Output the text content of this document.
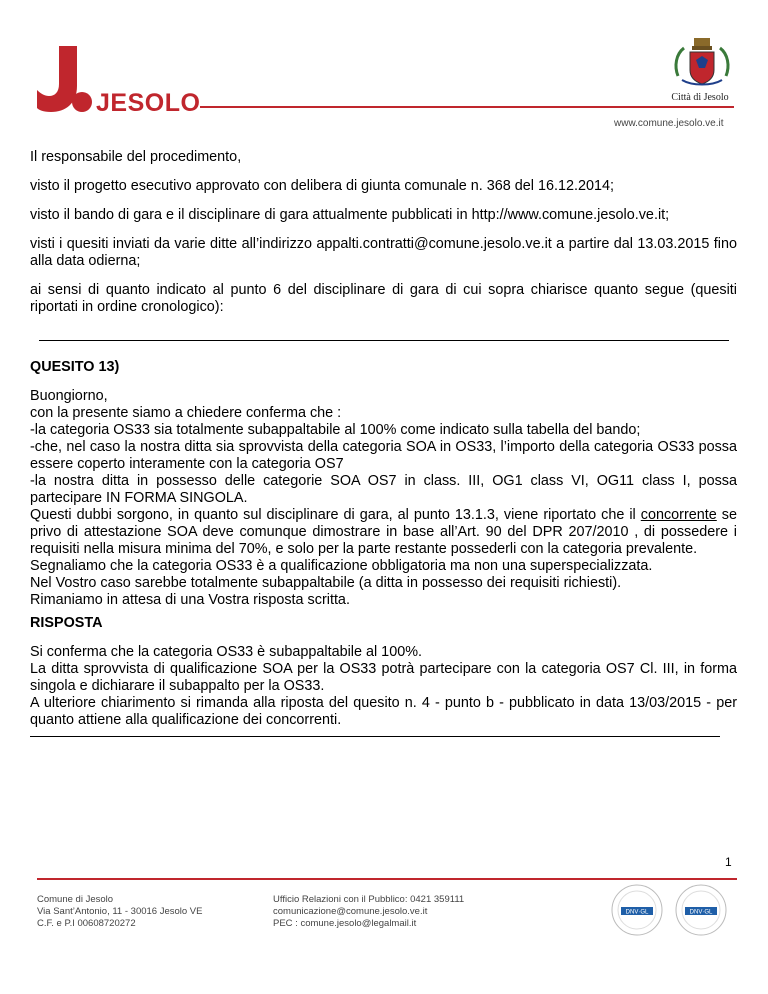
JESOLO	Città di Jesolo
www.comune.jesolo.ve.it

Il responsabile del procedimento,

visto il progetto esecutivo approvato con delibera di giunta comunale n. 368 del 16.12.2014;

visto il bando di gara e il disciplinare di gara attualmente pubblicati in http://www.comune.jesolo.ve.it;

visti i quesiti inviati da varie ditte all’indirizzo appalti.contratti@comune.jesolo.ve.it a partire dal 13.03.2015 fino alla data odierna;

ai sensi di quanto indicato al punto 6 del disciplinare di gara di cui sopra chiarisce quanto segue (quesiti riportati in ordine cronologico):

QUESITO 13)

Buongiorno,

con la presente siamo a chiedere conferma che :

-la categoria OS33 sia totalmente subappaltabile al 100% come indicato sulla tabella del bando;

-che, nel caso la nostra ditta sia sprovvista della categoria SOA in OS33, l’importo della categoria OS33 possa essere coperto interamente con la categoria OS7

-la nostra ditta in possesso delle categorie SOA OS7 in class. III, OG1 class VI, OG11 class I, possa partecipare IN FORMA SINGOLA.

Questi dubbi sorgono, in quanto sul disciplinare di gara, al punto 13.1.3, viene riportato che il concorrente se privo di attestazione SOA deve comunque dimostrare in base all’Art. 90 del DPR 207/2010 , di possedere i requisiti nella misura minima del 70%, e solo per la parte restante possederli con la categoria prevalente.

Segnaliamo che la categoria OS33 è a qualificazione obbligatoria ma non una superspecializzata.

Nel Vostro caso sarebbe totalmente subappaltabile (a ditta in possesso dei requisiti richiesti).

Rimaniamo in attesa di una Vostra risposta scritta.

RISPOSTA

Si conferma che la categoria OS33 è subappaltabile al 100%.

La ditta sprovvista di qualificazione SOA per la OS33 potrà partecipare con la categoria OS7 Cl. III, in forma singola e dichiarare il subappalto per la OS33.

A ulteriore chiarimento si rimanda alla riposta del quesito n. 4 - punto b - pubblicato in data 13/03/2015 - per quanto attiene alla qualificazione dei concorrenti.

1
Comune di Jesolo
Via Sant’Antonio, 11 - 30016 Jesolo VE
C.F. e P.I 00608720272
Ufficio Relazioni con il Pubblico: 0421 359111
comunicazione@comune.jesolo.ve.it
PEC : comune.jesolo@legalmail.it
DNV·GL	DNV·GL
